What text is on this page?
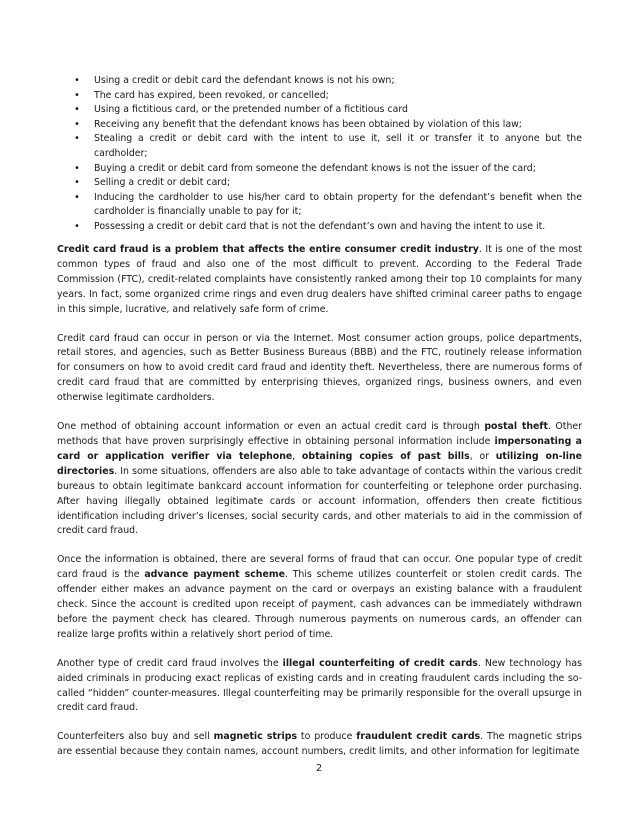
• Using a credit or debit card the defendant knows is not his own;
• The card has expired, been revoked, or cancelled;
• Using a fictitious card, or the pretended number of a fictitious card
• Receiving any benefit that the defendant knows has been obtained by violation of this law;
• Stealing a credit or debit card with the intent to use it, sell it or transfer it to anyone but the cardholder;
• Buying a credit or debit card from someone the defendant knows is not the issuer of the card;
• Selling a credit or debit card;
• Inducing the cardholder to use his/her card to obtain property for the defendant’s benefit when the cardholder is financially unable to pay for it;
• Possessing a credit or debit card that is not the defendant’s own and having the intent to use it.

Credit card fraud is a problem that affects the entire consumer credit industry. It is one of the most common types of fraud and also one of the most difficult to prevent. According to the Federal Trade Commission (FTC), credit-related complaints have consistently ranked among their top 10 complaints for many years. In fact, some organized crime rings and even drug dealers have shifted criminal career paths to engage in this simple, lucrative, and relatively safe form of crime.

Credit card fraud can occur in person or via the Internet. Most consumer action groups, police departments, retail stores, and agencies, such as Better Business Bureaus (BBB) and the FTC, routinely release information for consumers on how to avoid credit card fraud and identity theft. Nevertheless, there are numerous forms of credit card fraud that are committed by enterprising thieves, organized rings, business owners, and even otherwise legitimate cardholders.

One method of obtaining account information or even an actual credit card is through postal theft. Other methods that have proven surprisingly effective in obtaining personal information include impersonating a card or application verifier via telephone, obtaining copies of past bills, or utilizing on-line directories. In some situations, offenders are also able to take advantage of contacts within the various credit bureaus to obtain legitimate bankcard account information for counterfeiting or telephone order purchasing. After having illegally obtained legitimate cards or account information, offenders then create fictitious identification including driver’s licenses, social security cards, and other materials to aid in the commission of credit card fraud.

Once the information is obtained, there are several forms of fraud that can occur. One popular type of credit card fraud is the advance payment scheme. This scheme utilizes counterfeit or stolen credit cards. The offender either makes an advance payment on the card or overpays an existing balance with a fraudulent check. Since the account is credited upon receipt of payment, cash advances can be immediately withdrawn before the payment check has cleared. Through numerous payments on numerous cards, an offender can realize large profits within a relatively short period of time.

Another type of credit card fraud involves the illegal counterfeiting of credit cards. New technology has aided criminals in producing exact replicas of existing cards and in creating fraudulent cards including the so-called “hidden” counter-measures. Illegal counterfeiting may be primarily responsible for the overall upsurge in credit card fraud.

Counterfeiters also buy and sell magnetic strips to produce fraudulent credit cards. The magnetic strips are essential because they contain names, account numbers, credit limits, and other information for legitimate

2
